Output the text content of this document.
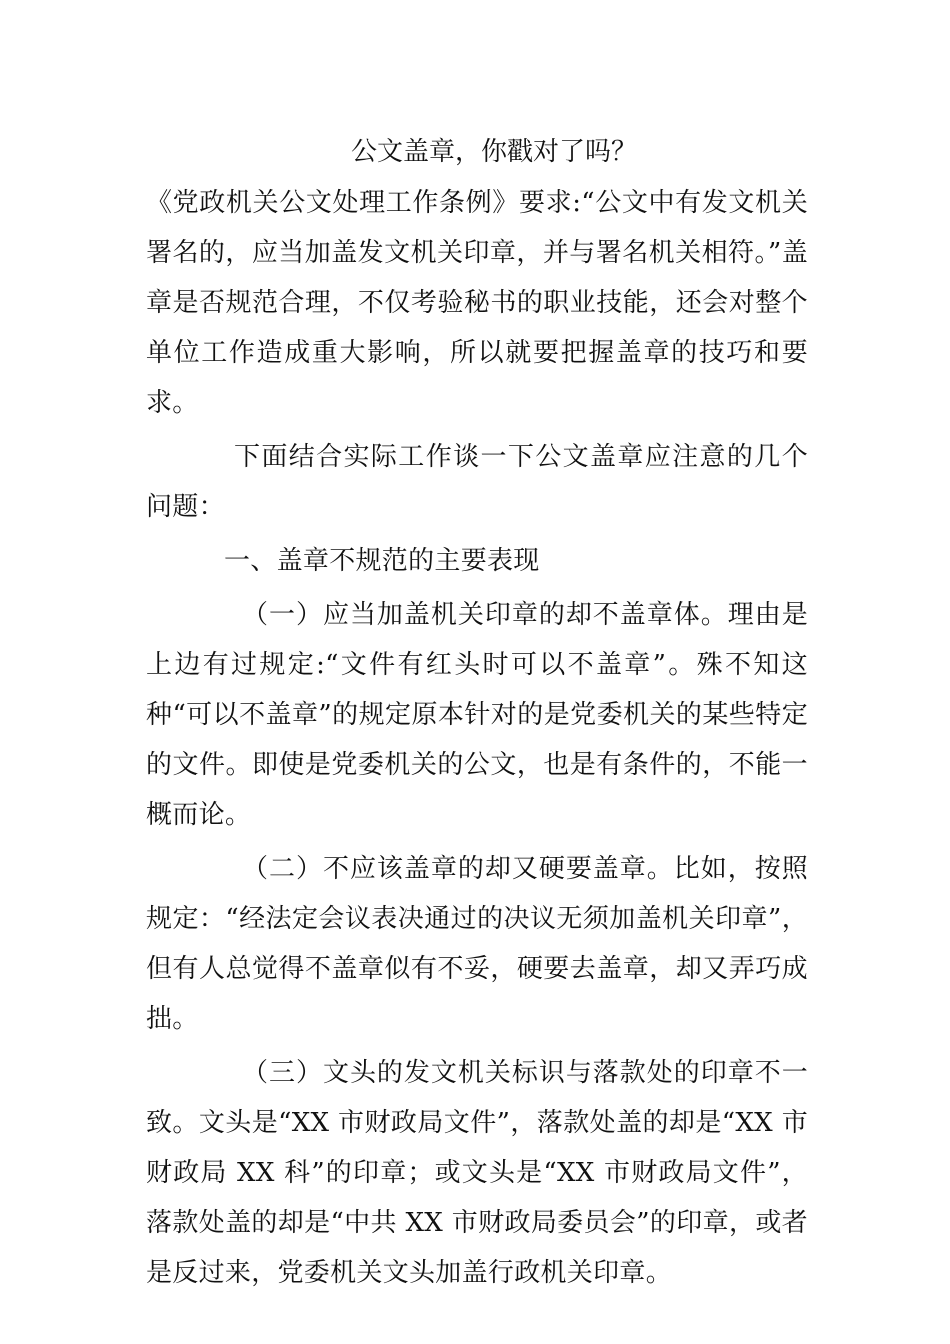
公文盖章，你戳对了吗？

《党政机关公文处理工作条例》要求:“公文中有发文机关署名的，应当加盖发文机关印章，并与署名机关相符。”盖章是否规范合理，不仅考验秘书的职业技能，还会对整个单位工作造成重大影响，所以就要把握盖章的技巧和要求。

下面结合实际工作谈一下公文盖章应注意的几个问题：

一、盖章不规范的主要表现

（一）应当加盖机关印章的却不盖章体。理由是上边有过规定:“文件有红头时可以不盖章”。殊不知这种“可以不盖章”的规定原本针对的是党委机关的某些特定的文件。即使是党委机关的公文，也是有条件的，不能一概而论。

（二）不应该盖章的却又硬要盖章。比如，按照规定：“经法定会议表决通过的决议无须加盖机关印章”，但有人总觉得不盖章似有不妥，硬要去盖章，却又弄巧成拙。

（三）文头的发文机关标识与落款处的印章不一致。文头是“XX 市财政局文件”，落款处盖的却是“XX 市财政局 XX 科”的印章；或文头是“XX 市财政局文件”，落款处盖的却是“中共 XX 市财政局委员会”的印章，或者是反过来，党委机关文头加盖行政机关印章。
